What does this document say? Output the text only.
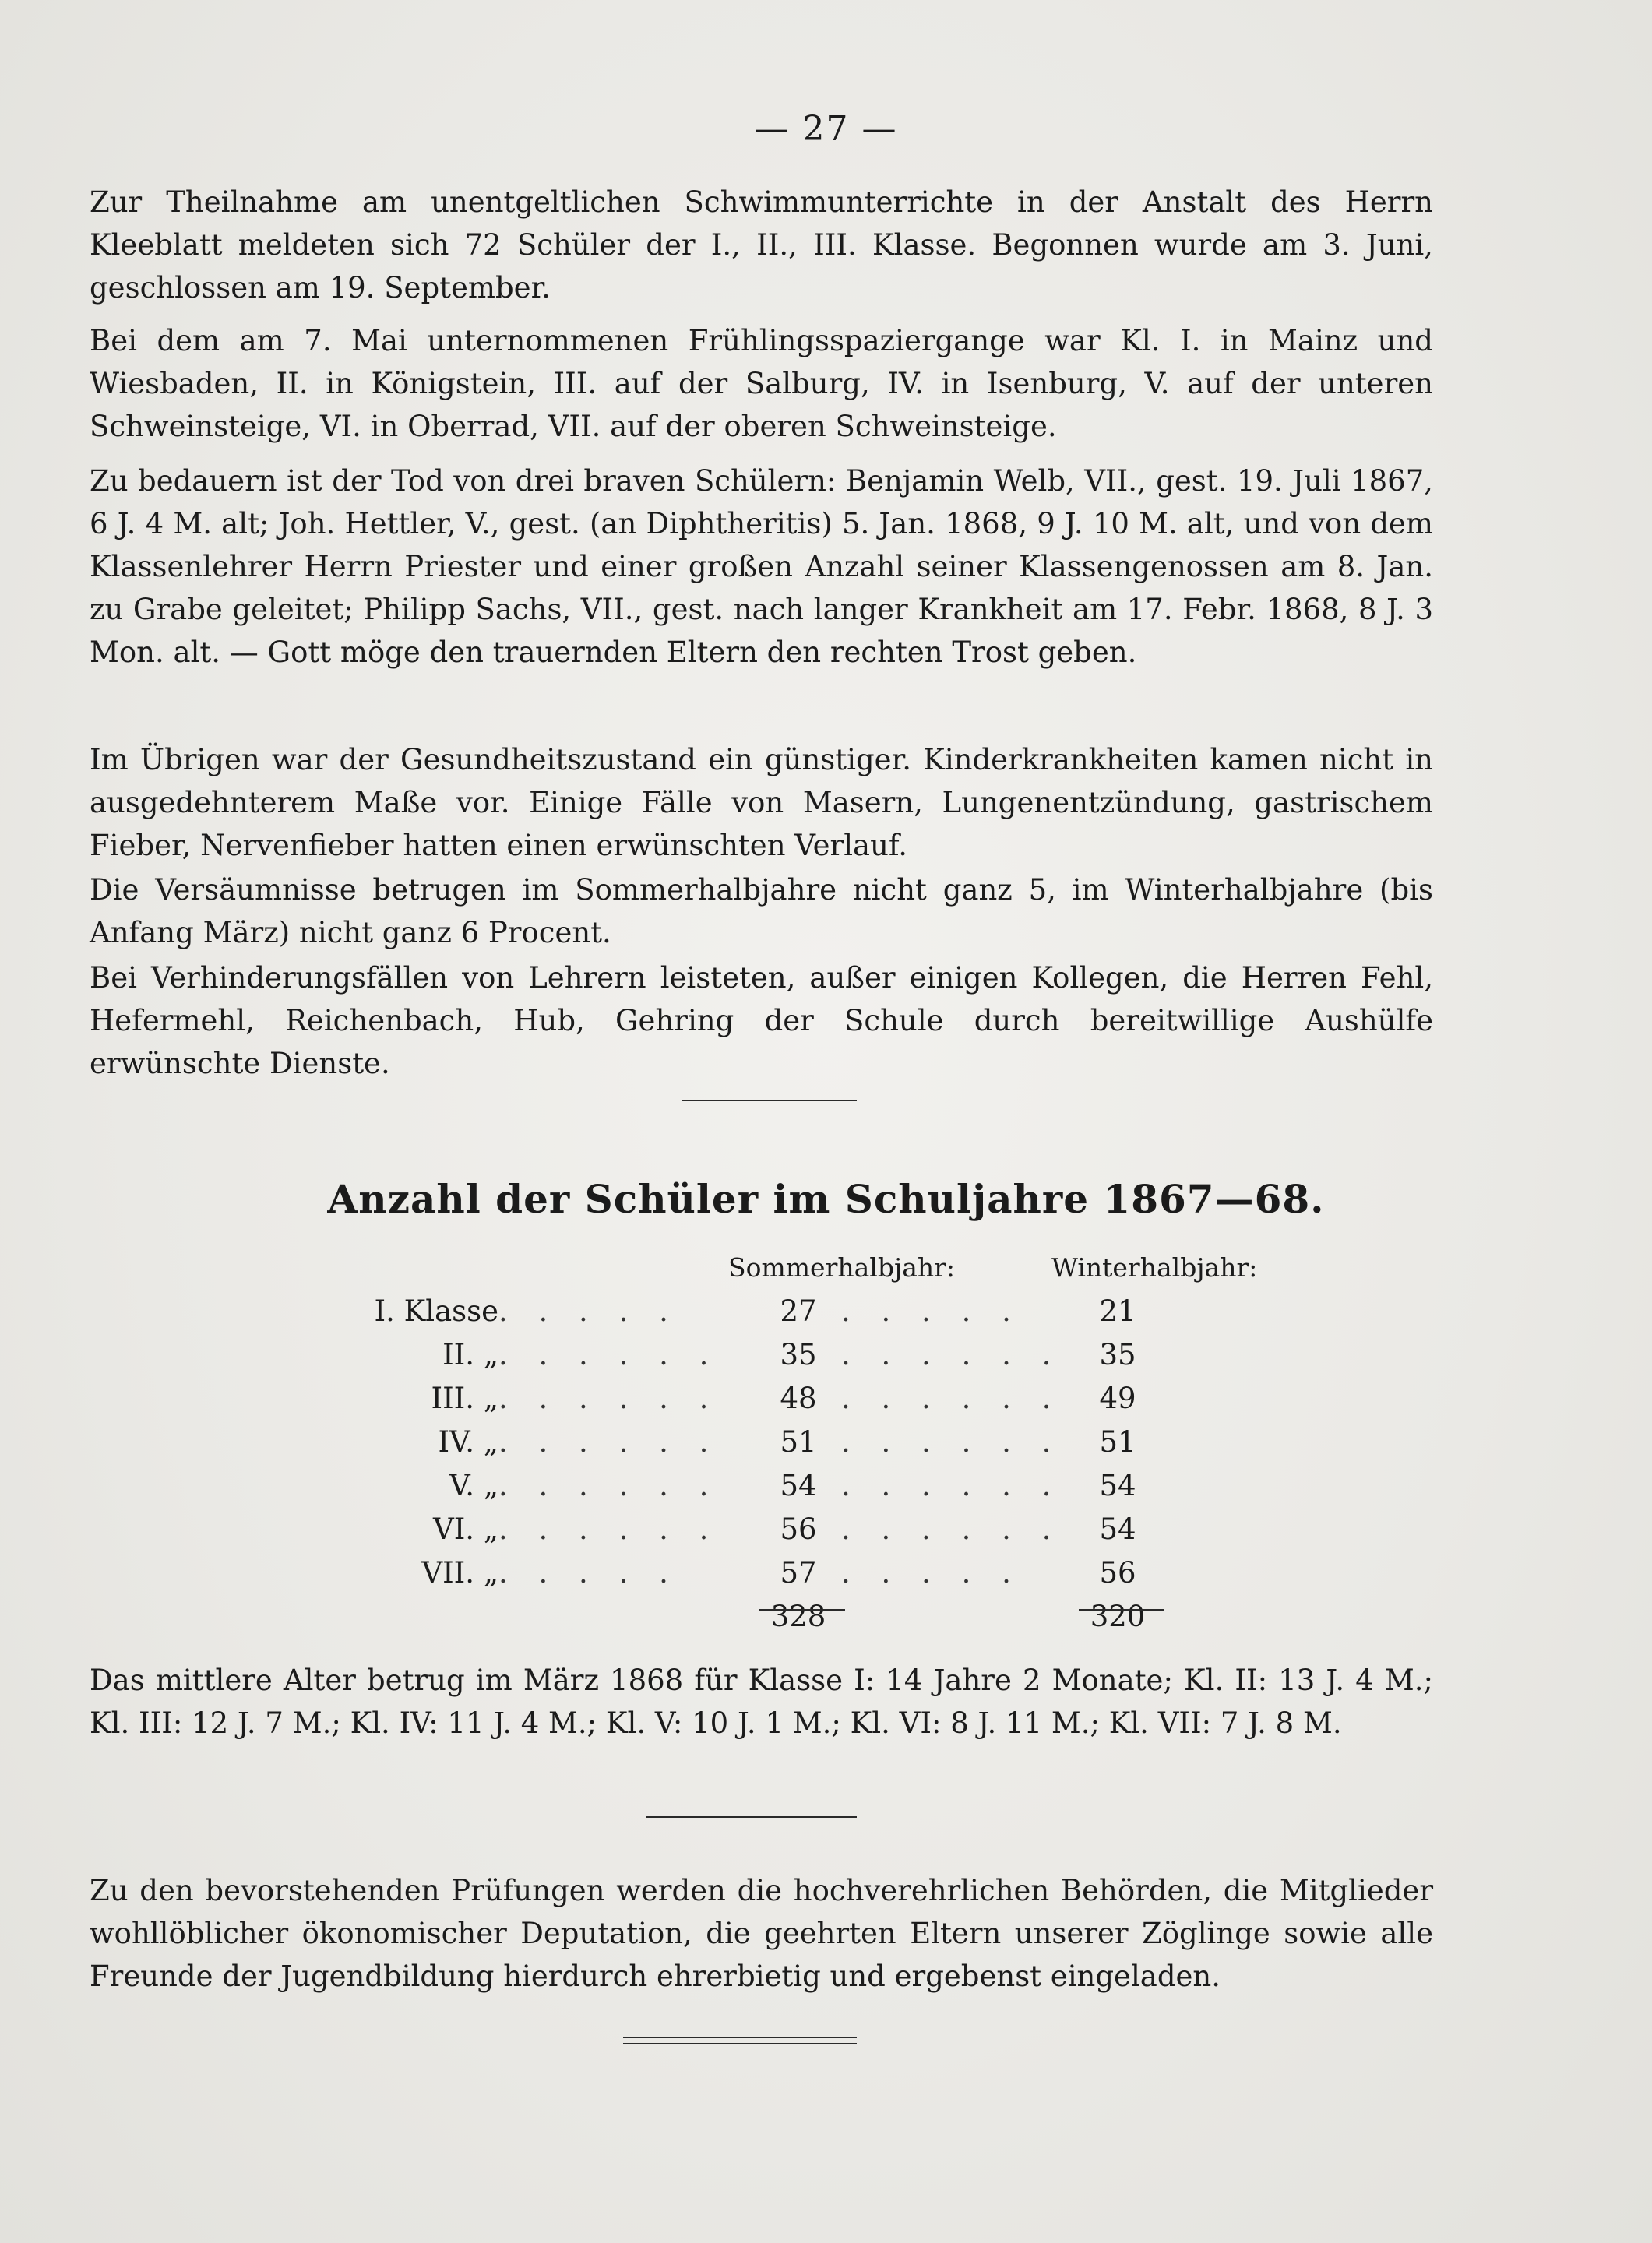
— 27 —

Zur Theilnahme am unentgeltlichen Schwimmunterrichte in der Anstalt des Herrn Kleeblatt meldeten sich 72 Schüler der I., II., III. Klasse. Begonnen wurde am 3. Juni, geschlossen am 19. September.

Bei dem am 7. Mai unternommenen Frühlingsspaziergange war Kl. I. in Mainz und Wiesbaden, II. in Königstein, III. auf der Salburg, IV. in Isenburg, V. auf der unteren Schweinsteige, VI. in Oberrad, VII. auf der oberen Schweinsteige.

Zu bedauern ist der Tod von drei braven Schülern: Benjamin Welb, VII., gest. 19. Juli 1867, 6 J. 4 M. alt; Joh. Hettler, V., gest. (an Diphtheritis) 5. Jan. 1868, 9 J. 10 M. alt, und von dem Klassenlehrer Herrn Priester und einer großen Anzahl seiner Klassengenossen am 8. Jan. zu Grabe geleitet; Philipp Sachs, VII., gest. nach langer Krankheit am 17. Febr. 1868, 8 J. 3 Mon. alt. — Gott möge den trauernden Eltern den rechten Trost geben.

Im Übrigen war der Gesundheitszustand ein günstiger. Kinderkrankheiten kamen nicht in ausgedehnterem Maße vor. Einige Fälle von Masern, Lungenentzündung, gastrischem Fieber, Nervenfieber hatten einen erwünschten Verlauf.

Die Versäumnisse betrugen im Sommerhalbjahre nicht ganz 5, im Winterhalbjahre (bis Anfang März) nicht ganz 6 Procent.

Bei Verhinderungsfällen von Lehrern leisteten, außer einigen Kollegen, die Herren Fehl, Hefermehl, Reichenbach, Hub, Gehring der Schule durch bereitwillige Aushülfe erwünschte Dienste.

Anzahl der Schüler im Schuljahre 1867—68.
Sommerhalbjahr:	Winterhalbjahr:
I. Klasse	. . . . .	27	. . . . .	21
II. „	. . . . . .	35	. . . . . .	35
III. „	. . . . . .	48	. . . . . .	49
IV. „	. . . . . .	51	. . . . . .	51
V. „	. . . . . .	54	. . . . . .	54
VI. „	. . . . . .	56	. . . . . .	54
VII. „	. . . . .	57	. . . . .	56
		328		320

Das mittlere Alter betrug im März 1868 für Klasse I: 14 Jahre 2 Monate; Kl. II: 13 J. 4 M.; Kl. III: 12 J. 7 M.; Kl. IV: 11 J. 4 M.; Kl. V: 10 J. 1 M.; Kl. VI: 8 J. 11 M.; Kl. VII: 7 J. 8 M.

Zu den bevorstehenden Prüfungen werden die hochverehrlichen Behörden, die Mitglieder wohllöblicher ökonomischer Deputation, die geehrten Eltern unserer Zöglinge sowie alle Freunde der Jugendbildung hierdurch ehrerbietig und ergebenst eingeladen.
